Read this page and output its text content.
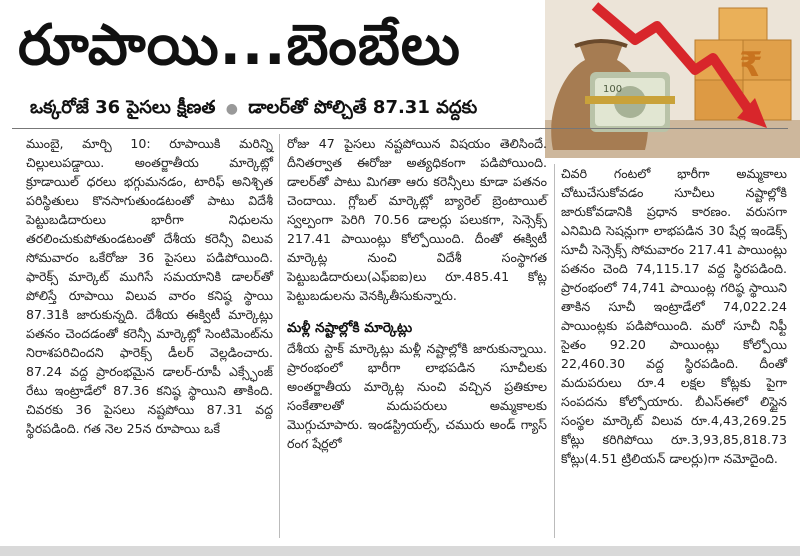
రూపాయి...బెంబేలు
ఒక్కరోజే 36 పైసలు క్షీణత ● డాలర్‌తో పోల్చితే 87.31 వద్దకు
100
₹

ముంబై, మార్చి 10: రూపాయికి మరిన్ని చిల్లులుపడ్డాయి. అంతర్జాతీయ మార్కెట్లో క్రూడాయిల్ ధరలు భగ్గుమనడం, టారిఫ్ అనిశ్చిత పరిస్థితులు కొనసాగుతుండటంతో పాటు విదేశీ పెట్టుబడిదారులు భారీగా నిధులను తరలించుకుపోతుండటంతో దేశీయ కరెన్సీ విలువ సోమవారం ఒకేరోజు 36 పైసలు పడిపోయింది. ఫారెక్స్ మార్కెట్ ముగిసే సమయానికి డాలర్‌తో పోలిస్తే రూపాయి విలువ వారం కనిష్ఠ స్థాయి 87.31కి జారుకున్నది. దేశీయ ఈక్విటీ మార్కెట్లు పతనం చెందడంతో కరెన్సీ మార్కెట్లో సెంటిమెంట్‌ను నిరాశపరిచిందని ఫారెక్స్ డీలర్ వెల్లడించారు. 87.24 వద్ద ప్రారంభమైన డాలర్-రూపీ ఎక్స్ఛేంజ్ రేటు ఇంట్రాడేలో 87.36 కనిష్ఠ స్థాయిని తాకింది. చివరకు 36 పైసలు నష్టపోయి 87.31 వద్ద స్థిరపడింది. గత నెల 25న రూపాయి ఒకే

రోజు 47 పైసలు నష్టపోయిన విషయం తెలిసిందే. దీనితర్వాత ఈరోజు అత్యధికంగా పడిపోయింది. డాలర్‌తో పాటు మిగతా ఆరు కరెన్సీలు కూడా పతనం చెందాయి. గ్లోబల్ మార్కెట్లో బ్యారెల్ బ్రెంటాయిల్ స్వల్పంగా పెరిగి 70.56 డాలర్లు పలుకగా, సెన్సెక్స్ 217.41 పాయింట్లు కోల్పోయింది. దీంతో ఈక్విటీ మార్కెట్ల నుంచి విదేశీ సంస్థాగత పెట్టుబడిదారులు(ఎఫ్ఐఐ)లు రూ.485.41 కోట్ల పెట్టుబడులను వెనక్కితీసుకున్నారు.

మళ్లీ నష్టాల్లోకి మార్కెట్లు

దేశీయ స్టాక్ మార్కెట్లు మళ్లీ నష్టాల్లోకి జారుకున్నాయి. ప్రారంభంలో భారీగా లాభపడిన సూచీలకు అంతర్జాతీయ మార్కెట్ల నుంచి వచ్చిన ప్రతికూల సంకేతాలతో మదుపరులు అమ్మకాలకు మొగ్గుచూపారు. ఇండస్ట్రియల్స్, చమురు అండ్ గ్యాస్ రంగ షేర్లలో

చివరి గంటలో భారీగా అమ్మకాలు చోటుచేసుకోవడం సూచీలు నష్టాల్లోకి జారుకోవడానికి ప్రధాన కారణం. వరుసగా ఎనిమిది సెషన్లుగా లాభపడిన 30 షేర్ల ఇండెక్స్ సూచీ సెన్సెక్స్ సోమవారం 217.41 పాయింట్లు పతనం చెంది 74,115.17 వద్ద స్థిరపడింది. ప్రారంభంలో 74,741 పాయింట్ల గరిష్ఠ స్థాయిని తాకిన సూచీ ఇంట్రాడేలో 74,022.24 పాయింట్లకు పడిపోయింది. మరో సూచీ నిఫ్టీ సైతం 92.20 పాయింట్లు కోల్పోయి 22,460.30 వద్ద స్థిరపడింది. దీంతో మదుపరులు రూ.4 లక్షల కోట్లకు పైగా సంపదను కోల్పోయారు. బీఎస్ఈలో లిస్టైన సంస్థల మార్కెట్ విలువ రూ.4,43,269.25 కోట్లు కరిగిపోయి రూ.3,93,85,818.73 కోట్లు(4.51 ట్రిలియన్ డాలర్లు)గా నమోదైంది.
